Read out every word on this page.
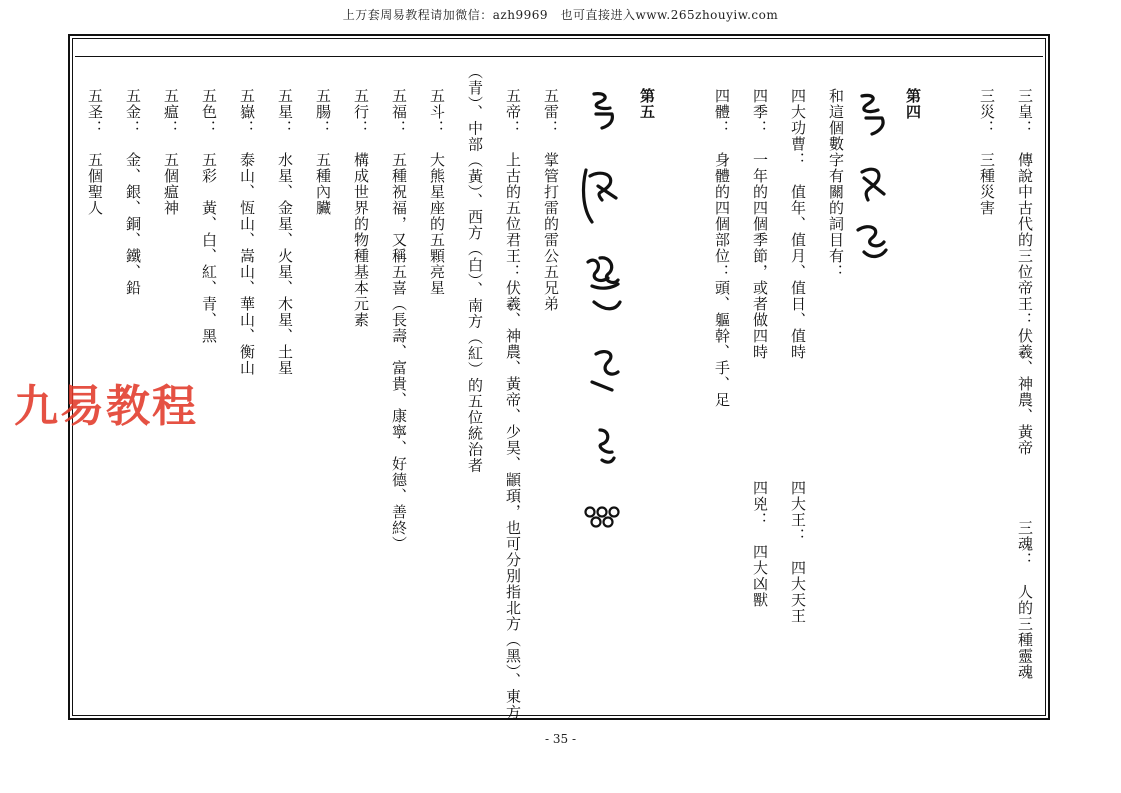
上万套周易教程请加微信：azh9969　也可直接进入www.265zhouyiw.com
三皇：　傳說中古代的三位帝王：伏羲、神農、黃帝
三災：　三種災害
第四
和這個數字有關的詞目有：
四大功曹：　值年、值月、值日、值時
四季：　一年的四個季節，或者做四時
四體：　身體的四個部位：頭、軀幹、手、足
第五
五雷：　掌管打雷的雷公五兄弟
五帝：　上古的五位君王：伏羲、神農、黃帝、少昊、顓頊，也可分別指北方（黑）、東方
（青）、中部（黃）、西方（白）、南方（紅）的五位統治者
五斗：　大熊星座的五顆亮星
五福：　五種祝福，又稱五喜（長壽、富貴、康寧、好德、善終）
五行：　構成世界的物種基本元素
五腸：　五種內臟
五星：　水星、金星、火星、木星、土星
五嶽：　泰山、恆山、嵩山、華山、衡山
五色：　五彩　黃、白、紅、青、黑
五瘟：　五個瘟神
五金：　金、銀、銅、鐵、鉛
五圣：　五個聖人
三魂：　人的三種靈魂
四大王：　四大天王
四兇：　四大凶獸
九易教程
- 35 -
